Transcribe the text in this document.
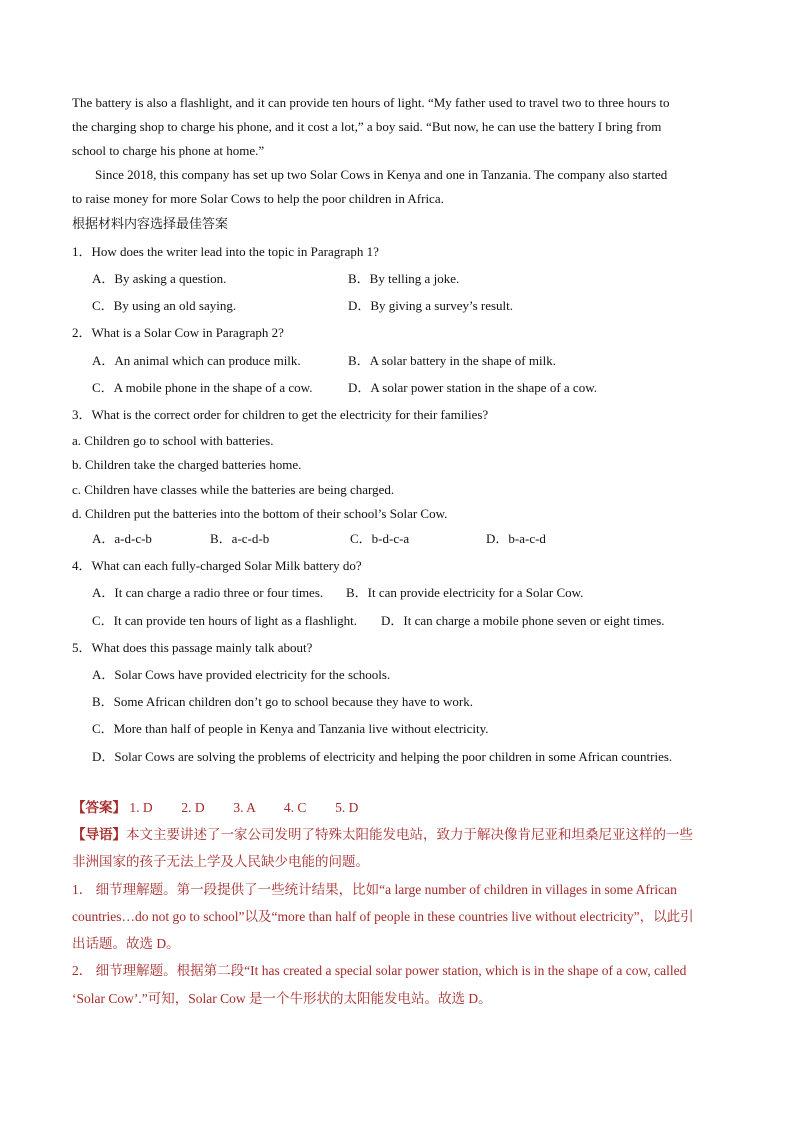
The battery is also a flashlight, and it can provide ten hours of light. “My father used to travel two to three hours to
the charging shop to charge his phone, and it cost a lot,” a boy said. “But now, he can use the battery I bring from
school to charge his phone at home.”
Since 2018, this company has set up two Solar Cows in Kenya and one in Tanzania. The company also started
to raise money for more Solar Cows to help the poor children in Africa.
根据材料内容选择最佳答案
1．How does the writer lead into the topic in Paragraph 1?
A．By asking a question.	B．By telling a joke.
C．By using an old saying.	D．By giving a survey’s result.
2．What is a Solar Cow in Paragraph 2?
A．An animal which can produce milk.	B．A solar battery in the shape of milk.
C．A mobile phone in the shape of a cow.	D．A solar power station in the shape of a cow.
3．What is the correct order for children to get the electricity for their families?
a. Children go to school with batteries.
b. Children take the charged batteries home.
c. Children have classes while the batteries are being charged.
d. Children put the batteries into the bottom of their school’s Solar Cow.
A．a-d-c-b	B．a-c-d-b	C．b-d-c-a	D．b-a-c-d
4．What can each fully-charged Solar Milk battery do?
A．It can charge a radio three or four times. B．It can provide electricity for a Solar Cow.
C．It can provide ten hours of light as a flashlight. D．It can charge a mobile phone seven or eight times.
5．What does this passage mainly talk about?
A．Solar Cows have provided electricity for the schools.
B．Some African children don’t go to school because they have to work.
C．More than half of people in Kenya and Tanzania live without electricity.
D．Solar Cows are solving the problems of electricity and helping the poor children in some African countries.
【答案】 1. D 2. D 3. A 4. C 5. D
【导语】本文主要讲述了一家公司发明了特殊太阳能发电站，致力于解决像肯尼亚和坦桑尼亚这样的一些
非洲国家的孩子无法上学及人民缺少电能的问题。
1． 细节理解题。第一段提供了一些统计结果，比如“a large number of children in villages in some African
countries…do not go to school”以及“more than half of people in these countries live without electricity”，以此引
出话题。故选 D。
2． 细节理解题。根据第二段“It has created a special solar power station, which is in the shape of a cow, called
‘Solar Cow’.”可知，Solar Cow 是一个牛形状的太阳能发电站。故选 D。
